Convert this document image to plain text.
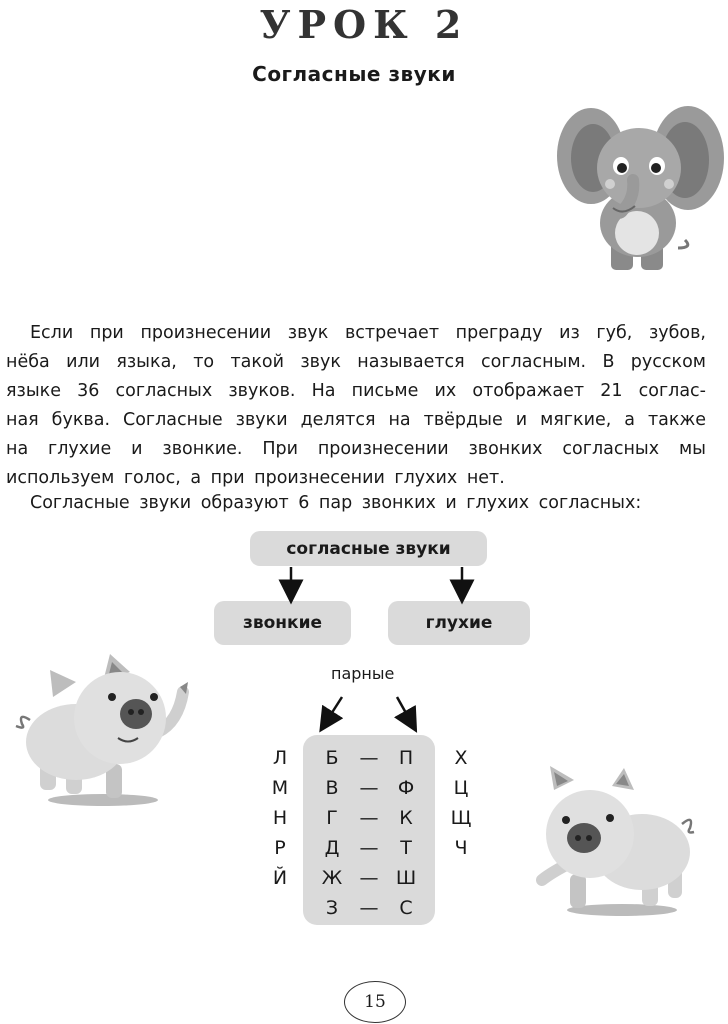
УРОК 2
Согласные звуки
Если при произнесении звук встречает преграду из губ, зубов,
нёба или языка, то такой звук называется согласным. В русском
языке 36 согласных звуков. На письме их отображает 21 соглас-
ная буква. Согласные звуки делятся на твёрдые и мягкие, а также
на глухие и звонкие. При произнесении звонких согласных мы
используем голос, а при произнесении глухих нет.
Согласные звуки образуют 6 пар звонких и глухих согласных:
согласные звуки
звонкие	глухие
парные
Л
М
Н
Р
Й
Б
В
Г
Д
Ж
З
—
—
—
—
—
—
П
Ф
К
Т
Ш
С
Х
Ц
Щ
Ч
15
